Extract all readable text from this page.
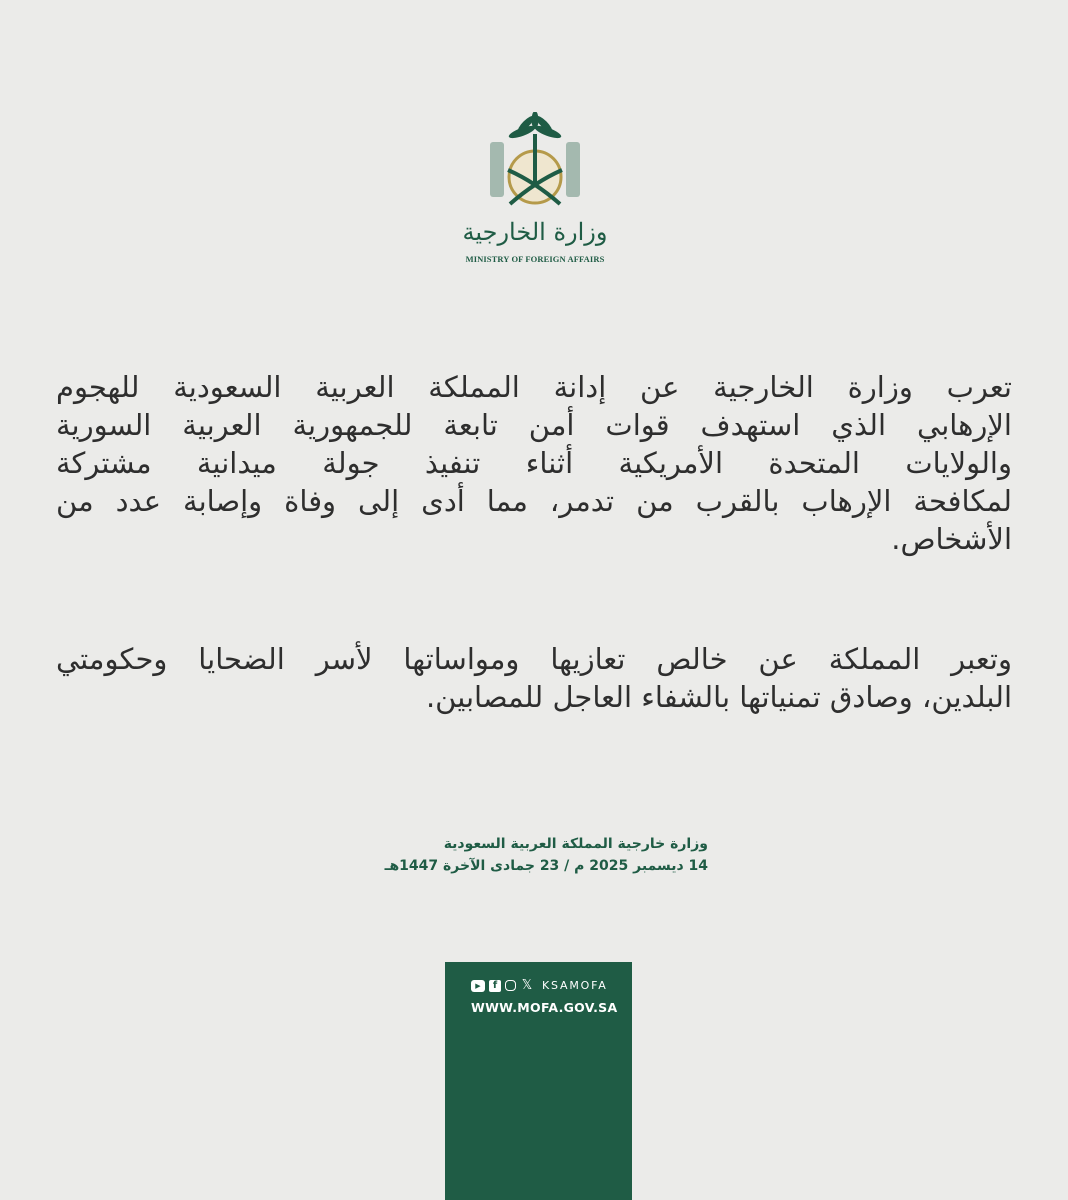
وزارة الخارجية
MINISTRY OF FOREIGN AFFAIRS
تعرب وزارة الخارجية عن إدانة المملكة العربية السعودية للهجوم
الإرهابي الذي استهدف قوات أمن تابعة للجمهورية العربية السورية
والولايات المتحدة الأمريكية أثناء تنفيذ جولة ميدانية مشتركة
لمكافحة الإرهاب بالقرب من تدمر، مما أدى إلى وفاة وإصابة عدد من
الأشخاص.
وتعبر المملكة عن خالص تعازيها ومواساتها لأسر الضحايا وحكومتي
البلدين، وصادق تمنياتها بالشفاء العاجل للمصابين.
وزارة خارجية المملكة العربية السعودية
14 ديسمبر 2025 م / 23 جمادى الآخرة 1447هـ
▶	f 𝕏 KSAMOFA
WWW.MOFA.GOV.SA
